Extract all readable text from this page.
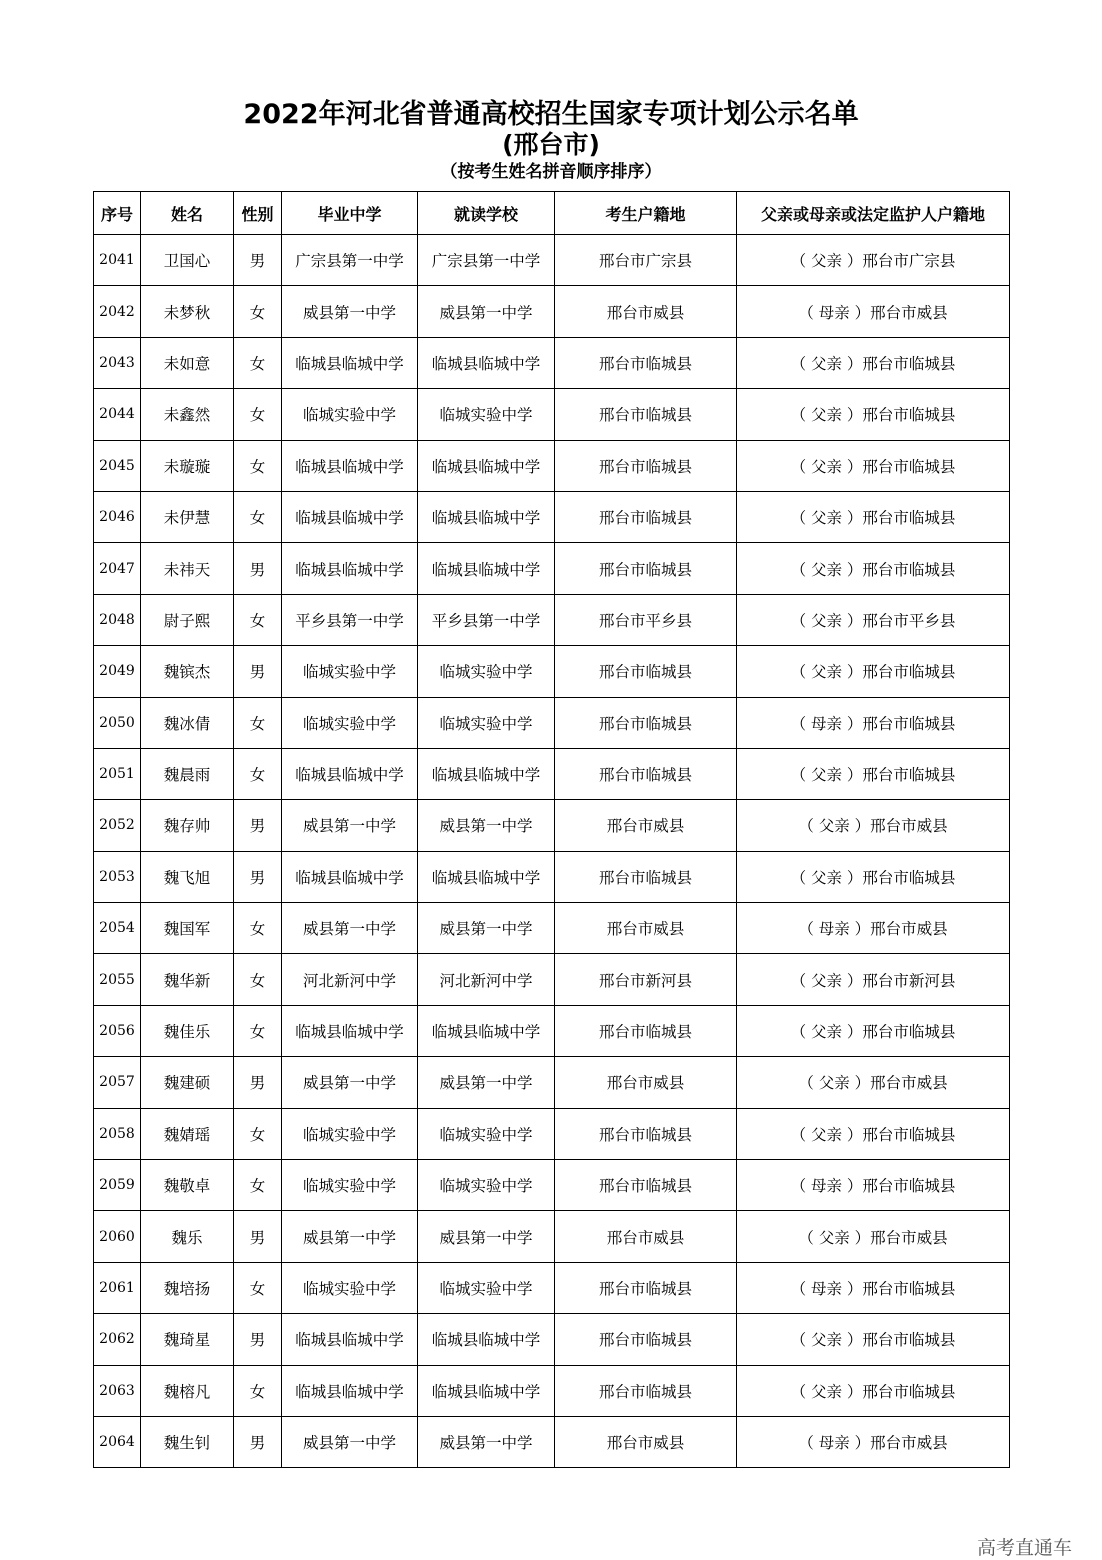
2022年河北省普通高校招生国家专项计划公示名单
(邢台市)
（按考生姓名拼音顺序排序）
序号	姓名	性别	毕业中学	就读学校	考生户籍地	父亲或母亲或法定监护人户籍地
2041	卫国心	男	广宗县第一中学	广宗县第一中学	邢台市广宗县	（ 父亲 ）邢台市广宗县
2042	未梦秋	女	威县第一中学	威县第一中学	邢台市威县	（ 母亲 ）邢台市威县
2043	未如意	女	临城县临城中学	临城县临城中学	邢台市临城县	（ 父亲 ）邢台市临城县
2044	未鑫然	女	临城实验中学	临城实验中学	邢台市临城县	（ 父亲 ）邢台市临城县
2045	未璇璇	女	临城县临城中学	临城县临城中学	邢台市临城县	（ 父亲 ）邢台市临城县
2046	未伊慧	女	临城县临城中学	临城县临城中学	邢台市临城县	（ 父亲 ）邢台市临城县
2047	未祎天	男	临城县临城中学	临城县临城中学	邢台市临城县	（ 父亲 ）邢台市临城县
2048	尉子熙	女	平乡县第一中学	平乡县第一中学	邢台市平乡县	（ 父亲 ）邢台市平乡县
2049	魏镔杰	男	临城实验中学	临城实验中学	邢台市临城县	（ 父亲 ）邢台市临城县
2050	魏冰倩	女	临城实验中学	临城实验中学	邢台市临城县	（ 母亲 ）邢台市临城县
2051	魏晨雨	女	临城县临城中学	临城县临城中学	邢台市临城县	（ 父亲 ）邢台市临城县
2052	魏存帅	男	威县第一中学	威县第一中学	邢台市威县	（ 父亲 ）邢台市威县
2053	魏飞旭	男	临城县临城中学	临城县临城中学	邢台市临城县	（ 父亲 ）邢台市临城县
2054	魏国军	女	威县第一中学	威县第一中学	邢台市威县	（ 母亲 ）邢台市威县
2055	魏华新	女	河北新河中学	河北新河中学	邢台市新河县	（ 父亲 ）邢台市新河县
2056	魏佳乐	女	临城县临城中学	临城县临城中学	邢台市临城县	（ 父亲 ）邢台市临城县
2057	魏建硕	男	威县第一中学	威县第一中学	邢台市威县	（ 父亲 ）邢台市威县
2058	魏婧瑶	女	临城实验中学	临城实验中学	邢台市临城县	（ 父亲 ）邢台市临城县
2059	魏敬卓	女	临城实验中学	临城实验中学	邢台市临城县	（ 母亲 ）邢台市临城县
2060	魏乐	男	威县第一中学	威县第一中学	邢台市威县	（ 父亲 ）邢台市威县
2061	魏培扬	女	临城实验中学	临城实验中学	邢台市临城县	（ 母亲 ）邢台市临城县
2062	魏琦星	男	临城县临城中学	临城县临城中学	邢台市临城县	（ 父亲 ）邢台市临城县
2063	魏榕凡	女	临城县临城中学	临城县临城中学	邢台市临城县	（ 父亲 ）邢台市临城县
2064	魏生钊	男	威县第一中学	威县第一中学	邢台市威县	（ 母亲 ）邢台市威县
高考直通车
